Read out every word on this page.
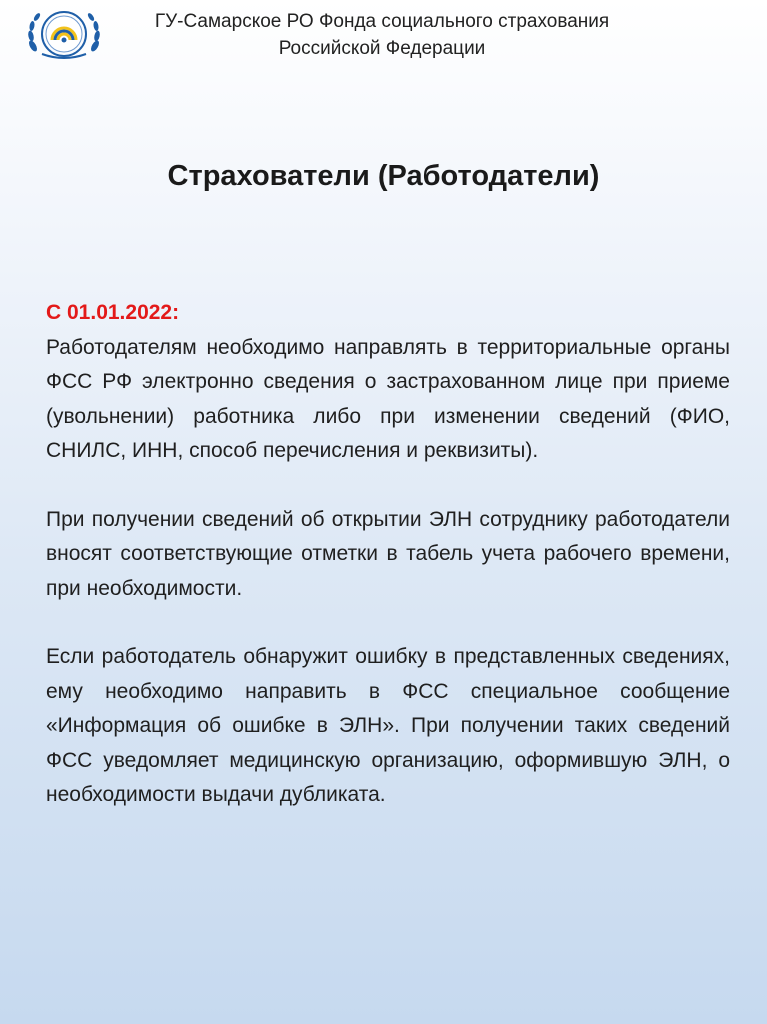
ГУ-Самарское РО Фонда социального страхования
Российской Федерации
Страхователи (Работодатели)
С 01.01.2022:

Работодателям необходимо направлять в территориальные органы ФСС РФ электронно сведения о застрахованном лице при приеме (увольнении) работника либо при изменении сведений (ФИО, СНИЛС, ИНН, способ перечисления и реквизиты).

При получении сведений об открытии ЭЛН сотруднику работодатели вносят соответствующие отметки в табель учета рабочего времени, при необходимости.

Если работодатель обнаружит ошибку в представленных сведениях, ему необходимо направить в ФСС специальное сообщение «Информация об ошибке в ЭЛН». При получении таких сведений ФСС уведомляет медицинскую организацию, оформившую ЭЛН, о необходимости выдачи дубликата.
